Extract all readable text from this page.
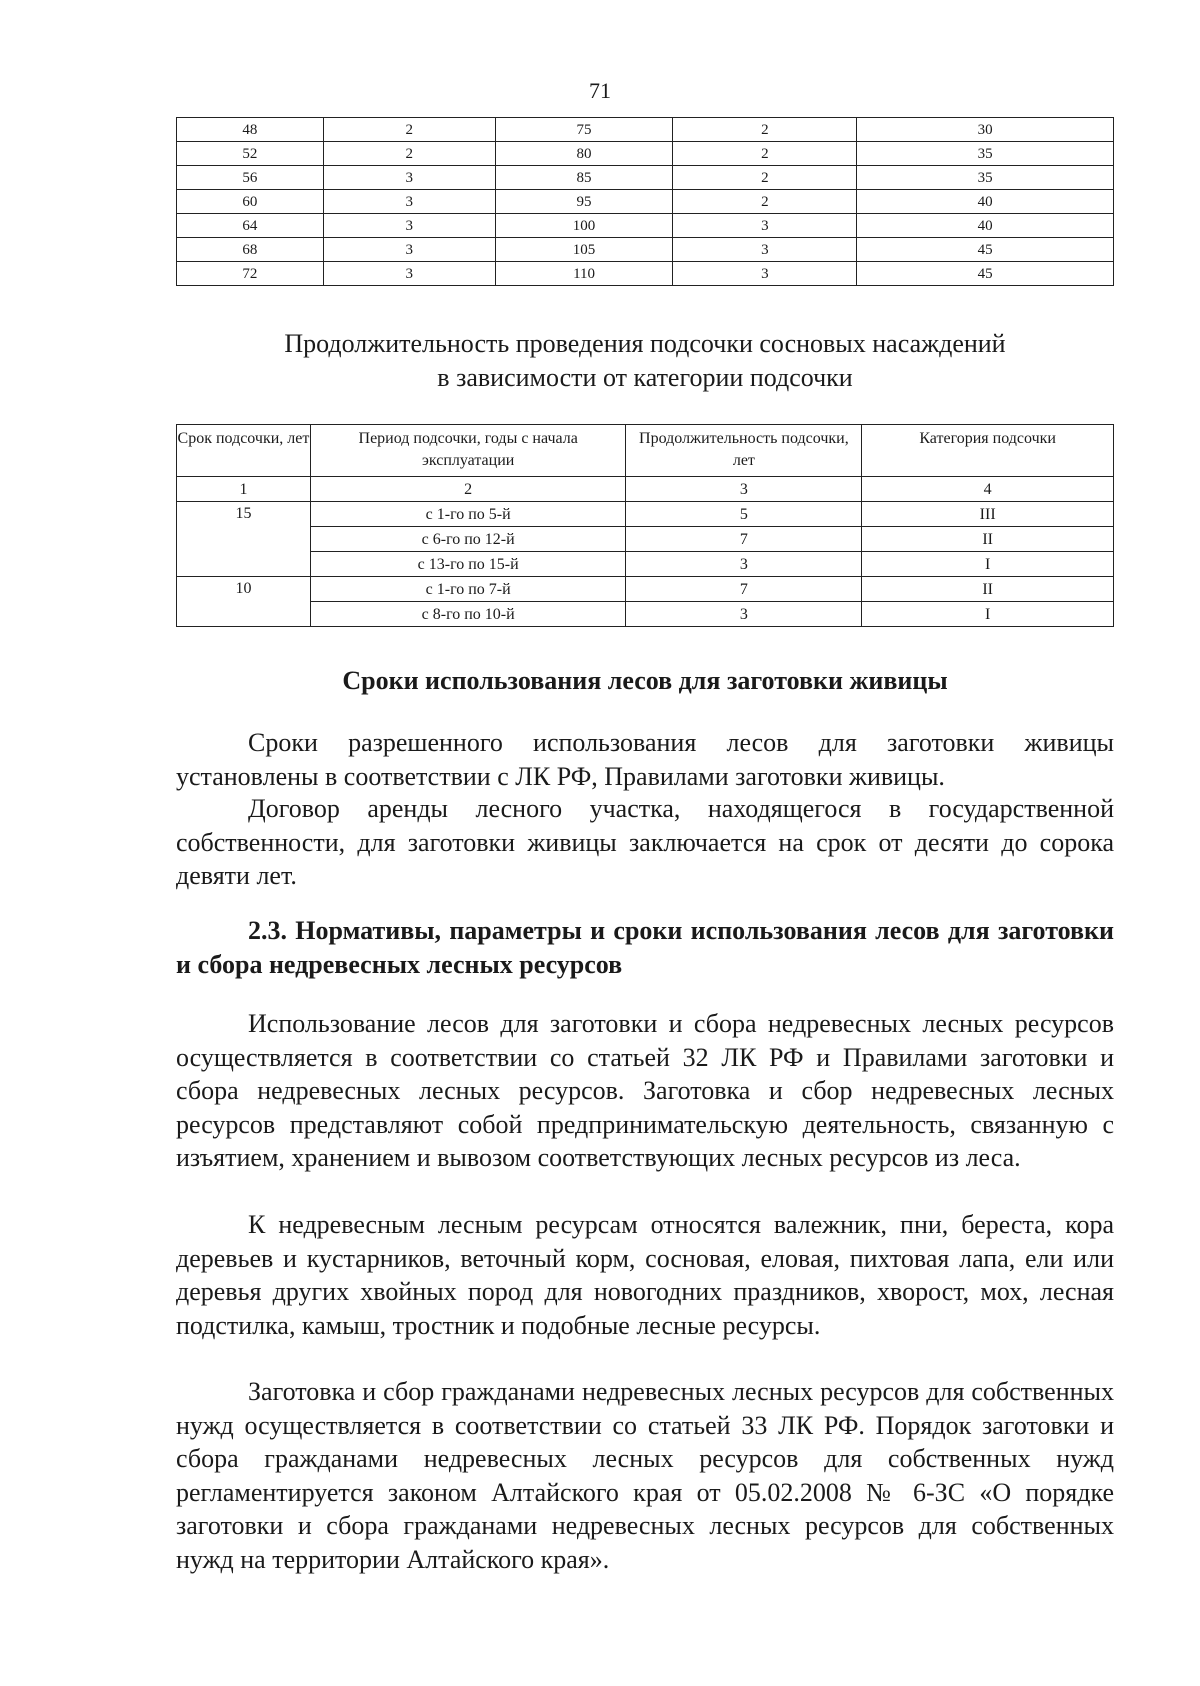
71
48	2	75	2	30
52	2	80	2	35
56	3	85	2	35
60	3	95	2	40
64	3	100	3	40
68	3	105	3	45
72	3	110	3	45
Продолжительность проведения подсочки сосновых насаждений
в зависимости от категории подсочки
Срок подсочки, лет	Период подсочки, годы с начала эксплуатации	Продолжительность подсочки, лет	Категория подсочки
1	2	3	4
15	с 1-го по 5-й	5	III
	с 6-го по 12-й	7	II
	с 13-го по 15-й	3	I
10	с 1-го по 7-й	7	II
	с 8-го по 10-й	3	I
Сроки использования лесов для заготовки живицы

Сроки разрешенного использования лесов для заготовки живицы установлены в соответствии с ЛК РФ, Правилами заготовки живицы.

Договор аренды лесного участка, находящегося в государственной собственности, для заготовки живицы заключается на срок от десяти до сорока девяти лет.

2.3. Нормативы, параметры и сроки использования лесов для заготовки и сбора недревесных лесных ресурсов

Использование лесов для заготовки и сбора недревесных лесных ресурсов осуществляется в соответствии со статьей 32 ЛК РФ и Правилами заготовки и сбора недревесных лесных ресурсов. Заготовка и сбор недревесных лесных ресурсов представляют собой предпринимательскую деятельность, связанную с изъятием, хранением и вывозом соответствующих лесных ресурсов из леса.

К недревесным лесным ресурсам относятся валежник, пни, береста, кора деревьев и кустарников, веточный корм, сосновая, еловая, пихтовая лапа, ели или деревья других хвойных пород для новогодних праздников, хворост, мох, лесная подстилка, камыш, тростник и подобные лесные ресурсы.

Заготовка и сбор гражданами недревесных лесных ресурсов для собственных нужд осуществляется в соответствии со статьей 33 ЛК РФ. Порядок заготовки и сбора гражданами недревесных лесных ресурсов для собственных нужд регламентируется законом Алтайского края от 05.02.2008 № 6-ЗС «О порядке заготовки и сбора гражданами недревесных лесных ресурсов для собственных нужд на территории Алтайского края».
